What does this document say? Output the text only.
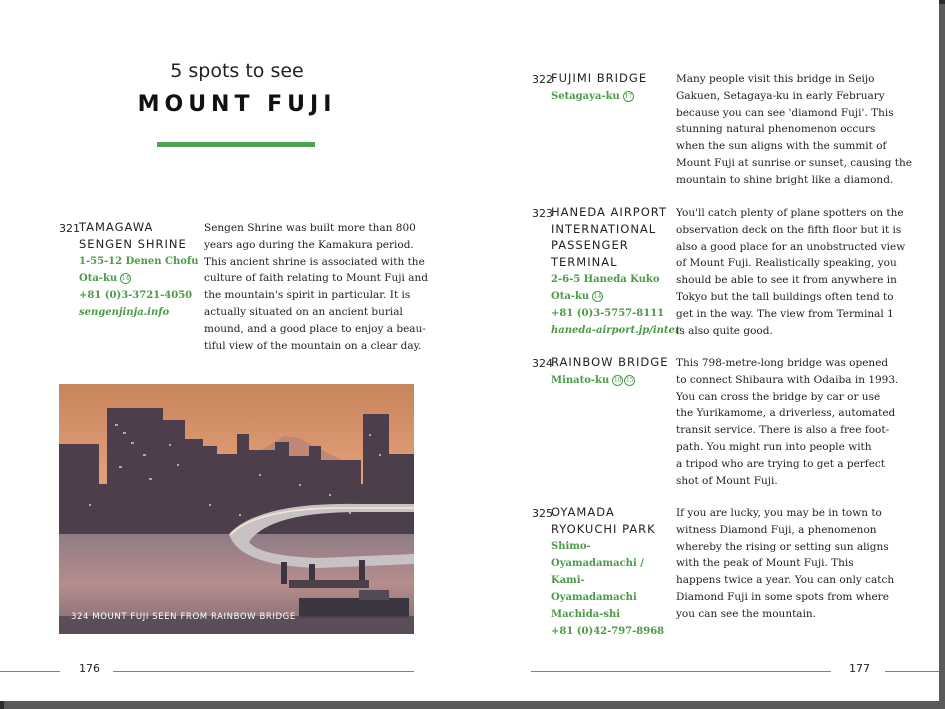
5 spots to see
MOUNT FUJI
321 TAMAGAWA
SENGEN SHRINE
1-55-12 Denen Chofu
Ota-ku 14
+81 (0)3-3721-4050
sengenjinja.info
Sengen Shrine was built more than 800
years ago during the Kamakura period.
This ancient shrine is associated with the
culture of faith relating to Mount Fuji and
the mountain's spirit in particular. It is
actually situated on an ancient burial
mound, and a good place to enjoy a beau-
tiful view of the mountain on a clear day.
324 MOUNT FUJI SEEN FROM RAINBOW BRIDGE
322
FUJIMI BRIDGE
Setagaya-ku 17
Many people visit this bridge in Seijo
Gakuen, Setagaya-ku in early February
because you can see 'diamond Fuji'. This
stunning natural phenomenon occurs
when the sun aligns with the summit of
Mount Fuji at sunrise or sunset, causing the
mountain to shine bright like a diamond.
323
HANEDA AIRPORT
INTERNATIONAL
PASSENGER
TERMINAL
2-6-5 Haneda Kuko
Ota-ku 14
+81 (0)3-5757-8111
haneda-airport.jp/inter
You'll catch plenty of plane spotters on the
observation deck on the fifth floor but it is
also a good place for an unobstructed view
of Mount Fuji. Realistically speaking, you
should be able to see it from anywhere in
Tokyo but the tall buildings often tend to
get in the way. The view from Terminal 1
is also quite good.
324
RAINBOW BRIDGE
Minato-ku 10 15
This 798-metre-long bridge was opened
to connect Shibaura with Odaiba in 1993.
You can cross the bridge by car or use
the Yurikamome, a driverless, automated
transit service. There is also a free foot-
path. You might run into people with
a tripod who are trying to get a perfect
shot of Mount Fuji.
325
OYAMADA
RYOKUCHI PARK
Shimo-
Oyamadamachi /
Kami-
Oyamadamachi
Machida-shi
+81 (0)42-797-8968
If you are lucky, you may be in town to
witness Diamond Fuji, a phenomenon
whereby the rising or setting sun aligns
with the peak of Mount Fuji. This
happens twice a year. You can only catch
Diamond Fuji in some spots from where
you can see the mountain.
176	177
